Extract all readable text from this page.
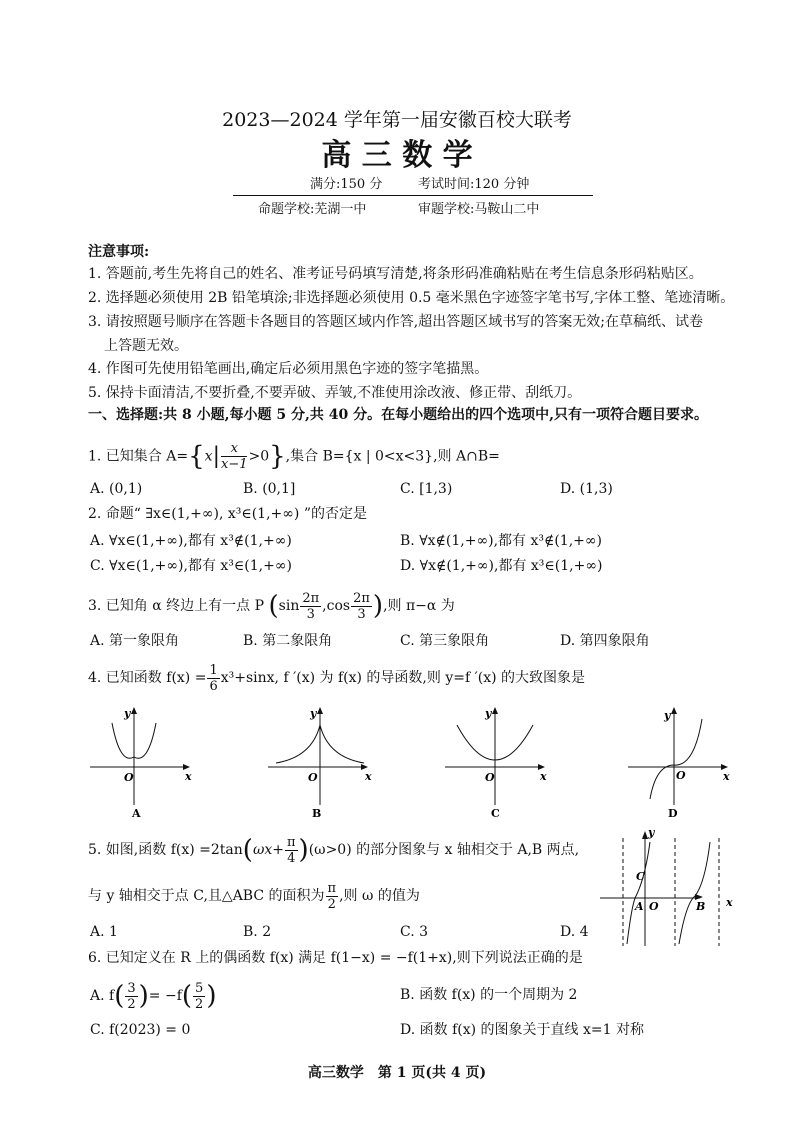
2023—2024 学年第一届安徽百校大联考
高 三 数 学
满分:150 分	考试时间:120 分钟
命题学校:芜湖一中	审题学校:马鞍山二中
注意事项:
1. 答题前,考生先将自己的姓名、准考证号码填写清楚,将条形码准确粘贴在考生信息条形码粘贴区。
2. 选择题必须使用 2B 铅笔填涂;非选择题必须使用 0.5 毫米黑色字迹签字笔书写,字体工整、笔迹清晰。
3. 请按照题号顺序在答题卡各题目的答题区域内作答,超出答题区域书写的答案无效;在草稿纸、试卷
上答题无效。
4. 作图可先使用铅笔画出,确定后必须用黑色字迹的签字笔描黑。
5. 保持卡面清洁,不要折叠,不要弄破、弄皱,不准使用涂改液、修正带、刮纸刀。
一、选择题:共 8 小题,每小题 5 分,共 40 分。在每小题给出的四个选项中,只有一项符合题目要求。
1. 已知集合 $A=\{x| \frac{x}{x-1} >0\}$,集合 B={x | 0<x<3},则 A∩B=
A. (0,1)	B. (0,1]	C. [1,3)	D. (1,3)
2. 命题“ ∃x∈(1,+∞), x³∈(1,+∞) ”的否定是
A. ∀x∈(1,+∞),都有 x³∉(1,+∞)	B. ∀x∉(1,+∞),都有 x³∉(1,+∞)
C. ∀x∈(1,+∞),都有 x³∈(1,+∞)	D. ∀x∉(1,+∞),都有 x³∈(1,+∞)
3. 已知角 α 终边上有一点 P ($\sin \frac{2\pi}{3} ,\cos \frac{2\pi}{3}$ ),则 π−α 为
A. 第一象限角	B. 第二象限角	C. 第三象限角	D. 第四象限角
4. 已知函数 $f(x) = \frac{1}{6} x^3+\sin x$, f ′(x) 为 f(x) 的导函数,则 y=f ′(x) 的大致图象是
y
O	x
A
y
O	x
B
y
O	x
C
y
O	x
D
5. 如图,函数 $f(x) =2\tan(\omega x+ \frac{\pi}{4} )(\omega>0)$ 的部分图象与 x 轴相交于 A,B 两点,
与 y 轴相交于点 C,且△ABC 的面积为 $\frac{\pi}{2}$ ,则 ω 的值为
A. 1	B. 2	C. 3	D. 4
y
x
A O	B
C
6. 已知定义在 R 上的偶函数 f(x) 满足 f(1−x) = −f(1+x),则下列说法正确的是
A. $f( \frac{3}{2}$ )= $-f( \frac{5}{2}$ )	B. 函数 f(x) 的一个周期为 2
C. f(2023) = 0	D. 函数 f(x) 的图象关于直线 x=1 对称
高三数学　第 1 页(共 4 页)
